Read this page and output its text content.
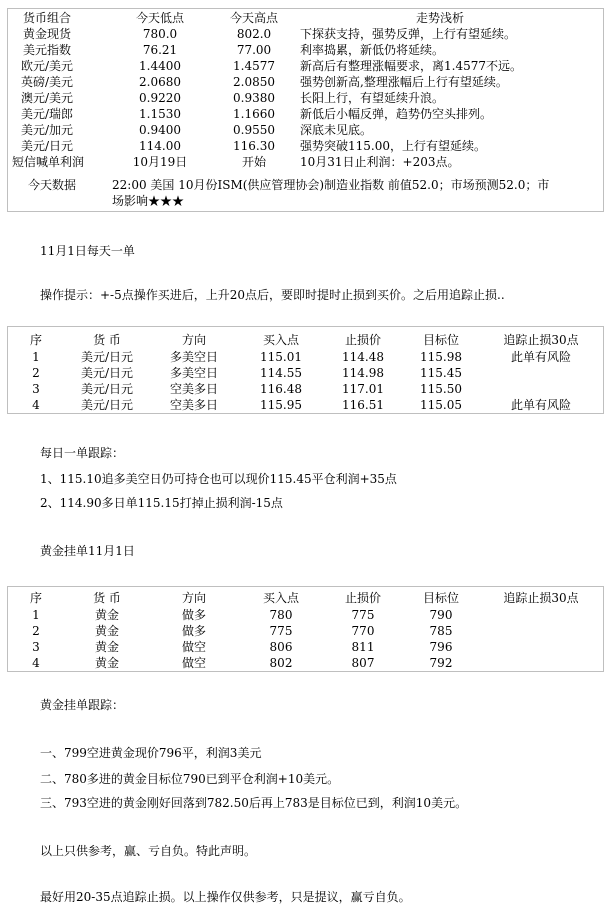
货币组合	今天低点	今天高点	走势浅析
黄金现货	780.0	802.0	下探获支持，强势反弹，上行有望延续。
美元指数	76.21	77.00	利率捣累，新低仍将延续。
欧元/美元	1.4400	1.4577	新高后有整理涨幅要求，离1.4577不远。
英磅/美元	2.0680	2.0850	强势创新高,整理涨幅后上行有望延续。
澳元/美元	0.9220	0.9380	长阳上行，有望延续升浪。
美元/瑞郎	1.1530	1.1660	新低后小幅反弹，趋势仍空头排列。
美元/加元	0.9400	0.9550	深底未见底。
美元/日元	114.00	116.30	强势突破115.00，上行有望延续。
短信喊单利润	10月19日	开始	10月31日止利润：+203点。
今天数据	22:00 美国 10月份ISM(供应管理协会)制造业指数 前值52.0；市场预测52.0；市
场影响★★★
11月1日每天一单
操作提示：+-5点操作买进后，上升20点后，要即时提时止损到买价。之后用追踪止损..
序	货 币	方向	买入点	止损价	目标位	追踪止损30点
1	美元/日元	多美空日	115.01	114.48	115.98	此单有风险
2	美元/日元	多美空日	114.55	114.98	115.45
3	美元/日元	空美多日	116.48	117.01	115.50
4	美元/日元	空美多日	115.95	116.51	115.05	此单有风险
每日一单跟踪：
1、115.10追多美空日仍可持仓也可以现价115.45平仓利润+35点
2、114.90多日单115.15打掉止损利润-15点
黄金挂单11月1日
序	货 币	方向	买入点	止损价	目标位	追踪止损30点
1	黄金	做多	780	775	790
2	黄金	做多	775	770	785
3	黄金	做空	806	811	796
4	黄金	做空	802	807	792
黄金挂单跟踪：
一、799空进黄金现价796平，利润3美元
二、780多进的黄金目标位790已到平仓利润+10美元。
三、793空进的黄金刚好回落到782.50后再上783是目标位已到，利润10美元。
以上只供参考，赢、亏自负。特此声明。
最好用20-35点追踪止损。以上操作仅供参考，只是提议，赢亏自负。
